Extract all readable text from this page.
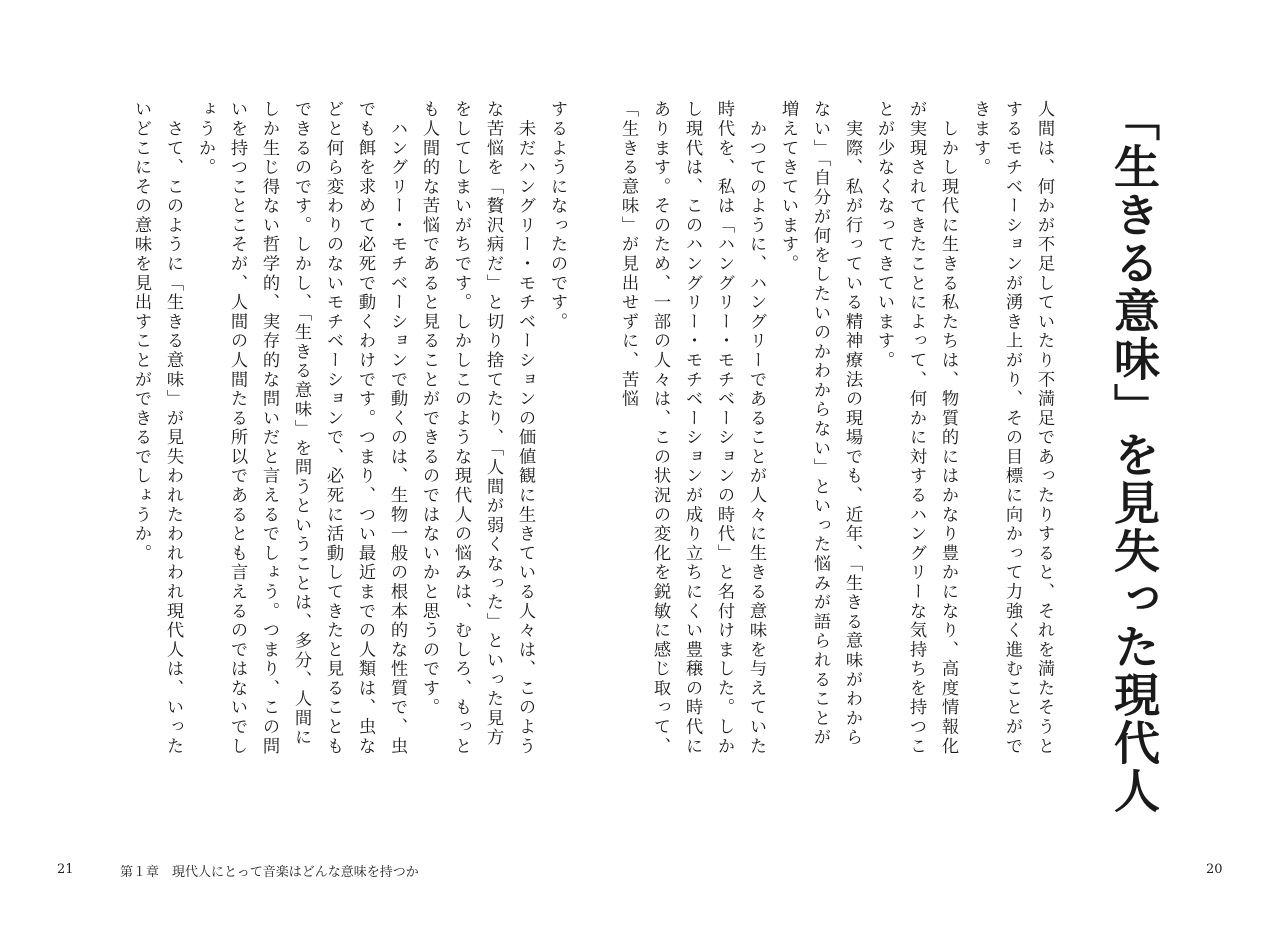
「生きる意味」を見失った現代人
人間は、何かが不足していたり不満足であったりすると、それを満たそうとするモチベーションが湧き上がり、その目標に向かって力強く進むことができます。
　しかし現代に生きる私たちは、物質的にはかなり豊かになり、高度情報化が実現されてきたことによって、何かに対するハングリーな気持ちを持つことが少なくなってきています。
　実際、私が行っている精神療法の現場でも、近年、「生きる意味がわからない」「自分が何をしたいのかわからない」といった悩みが語られることが増えてきています。
　かつてのように、ハングリーであることが人々に生きる意味を与えていた時代を、私は「ハングリー・モチベーションの時代」と名付けました。しかし現代は、このハングリー・モチベーションが成り立ちにくい豊穣の時代にあります。そのため、一部の人々は、この状況の変化を鋭敏に感じ取って、「生きる意味」が見出せずに、苦悩
するようになったのです。
　未だハングリー・モチベーションの価値観に生きている人々は、このような苦悩を「贅沢病だ」と切り捨てたり、「人間が弱くなった」といった見方をしてしまいがちです。しかしこのような現代人の悩みは、むしろ、もっとも人間的な苦悩であると見ることができるのではないかと思うのです。
　ハングリー・モチベーションで動くのは、生物一般の根本的な性質で、虫でも餌を求めて必死で動くわけです。つまり、つい最近までの人類は、虫などと何ら変わりのないモチベーションで、必死に活動してきたと見ることもできるのです。しかし、「生きる意味」を問うということは、多分、人間にしか生じ得ない哲学的、実存的な問いだと言えるでしょう。つまり、この問いを持つことこそが、人間の人間たる所以であるとも言えるのではないでしょうか。
　さて、このように「生きる意味」が見失われたわれわれ現代人は、いったいどこにその意味を見出すことができるでしょうか。
21	第１章　現代人にとって音楽はどんな意味を持つか	20
